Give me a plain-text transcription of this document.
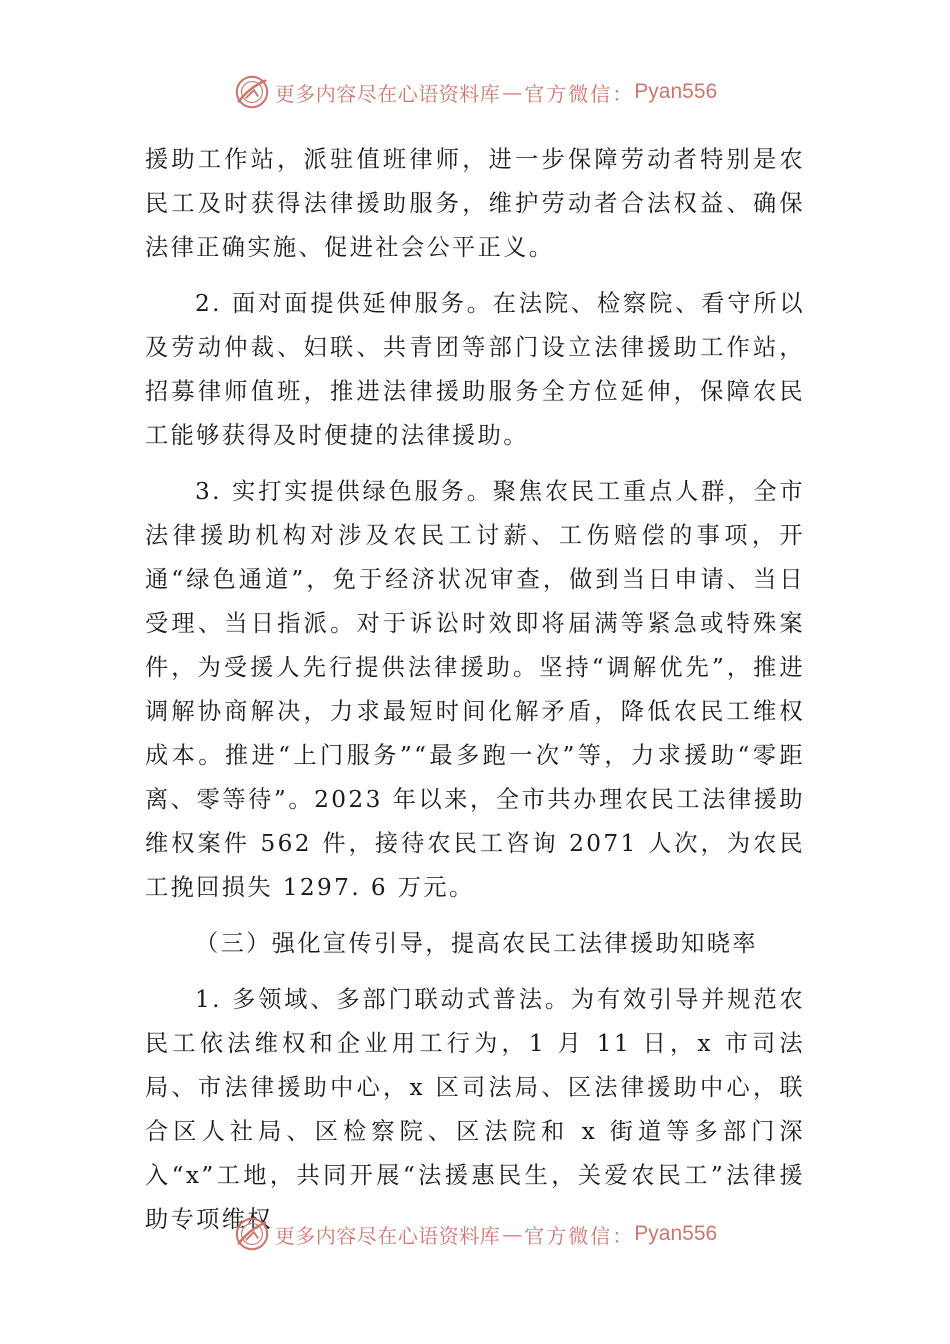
更多内容尽在心语资料库 — 官方微信： Pyan556

援助工作站，派驻值班律师，进一步保障劳动者特别是农民工及时获得法律援助服务，维护劳动者合法权益、确保法律正确实施、促进社会公平正义。

2. 面对面提供延伸服务。在法院、检察院、看守所以及劳动仲裁、妇联、共青团等部门设立法律援助工作站，招募律师值班，推进法律援助服务全方位延伸，保障农民工能够获得及时便捷的法律援助。

3. 实打实提供绿色服务。聚焦农民工重点人群，全市法律援助机构对涉及农民工讨薪、工伤赔偿的事项，开通“绿色通道”，免于经济状况审查，做到当日申请、当日受理、当日指派。对于诉讼时效即将届满等紧急或特殊案件，为受援人先行提供法律援助。坚持“调解优先”，推进调解协商解决，力求最短时间化解矛盾，降低农民工维权成本。推进“上门服务”“最多跑一次”等，力求援助“零距离、零等待”。2023 年以来，全市共办理农民工法律援助维权案件 562 件，接待农民工咨询 2071 人次，为农民工挽回损失 1297. 6 万元。

（三）强化宣传引导，提高农民工法律援助知晓率

1. 多领域、多部门联动式普法。为有效引导并规范农民工依法维权和企业用工行为，1 月 11 日，x 市司法局、市法律援助中心，x 区司法局、区法律援助中心，联合区人社局、区检察院、区法院和 x 街道等多部门深入“x”工地，共同开展“法援惠民生，关爱农民工”法律援助专项维权

更多内容尽在心语资料库 — 官方微信： Pyan556
